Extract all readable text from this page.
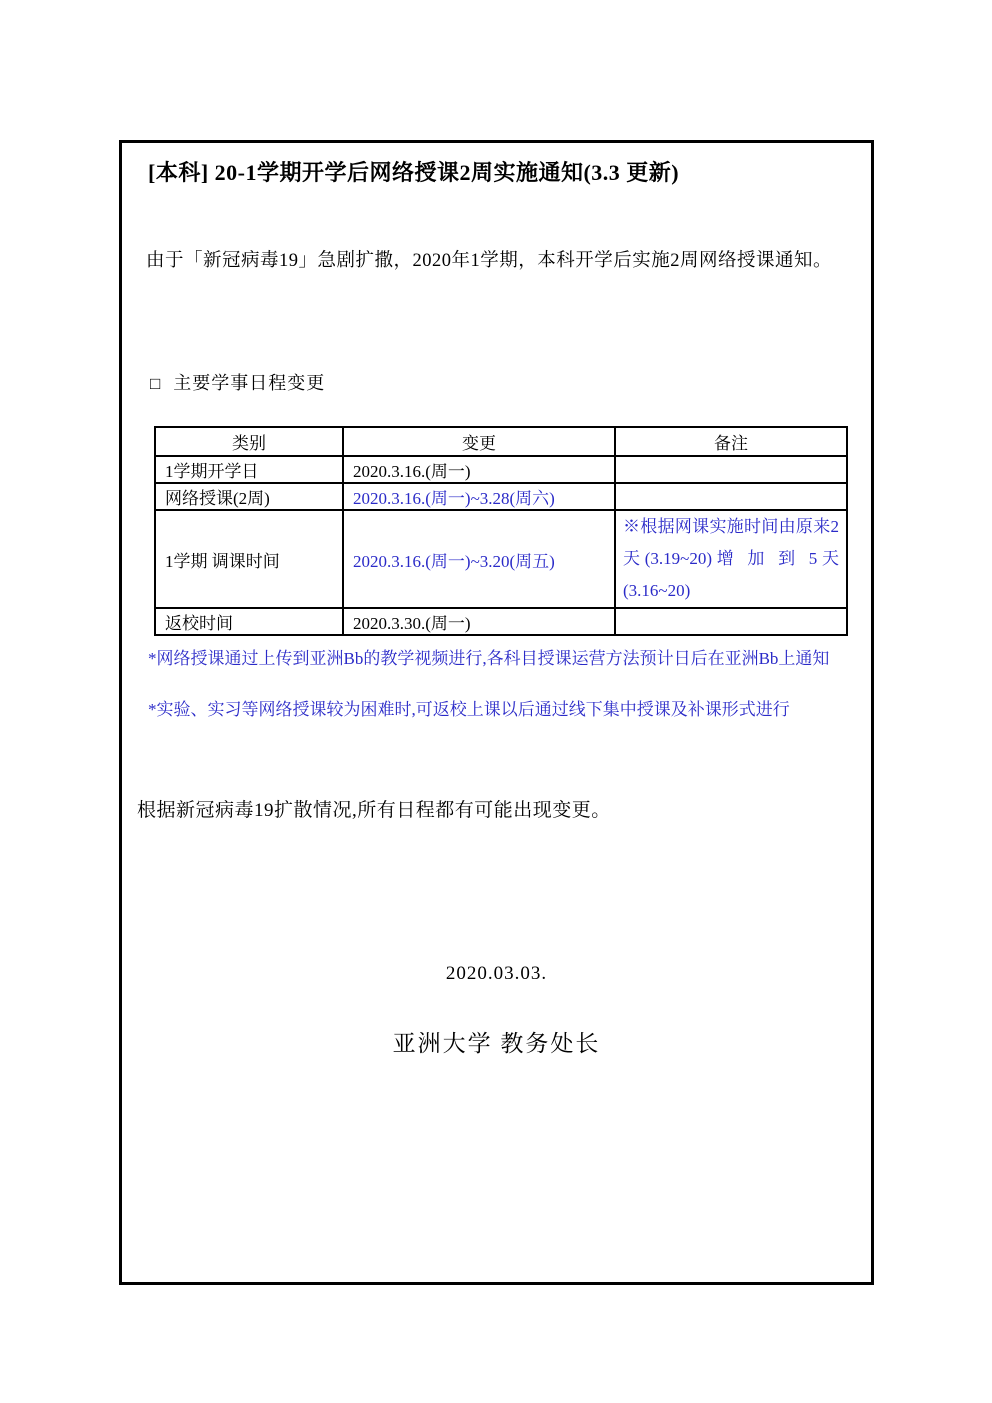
[本科] 20-1学期开学后网络授课2周实施通知(3.3 更新)

由于「新冠病毒19」急剧扩撒，2020年1学期，本科开学后实施2周网络授课通知。

□ 主要学事日程变更
类别	变更	备注
1学期开学日	2020.3.16.(周一)	
网络授课(2周)	2020.3.16.(周一)~3.28(周六)	
1学期 调课时间	2020.3.16.(周一)~3.20(周五)	※根据网课实施时间由原来2天(3.19~20)增 加 到 5天(3.16~20)
返校时间	2020.3.30.(周一)	

*网络授课通过上传到亚洲Bb的教学视频进行,各科目授课运营方法预计日后在亚洲Bb上通知

*实验、实习等网络授课较为困难时,可返校上课以后通过线下集中授课及补课形式进行

根据新冠病毒19扩散情况,所有日程都有可能出现变更。

2020.03.03.

亚洲大学 教务处长
